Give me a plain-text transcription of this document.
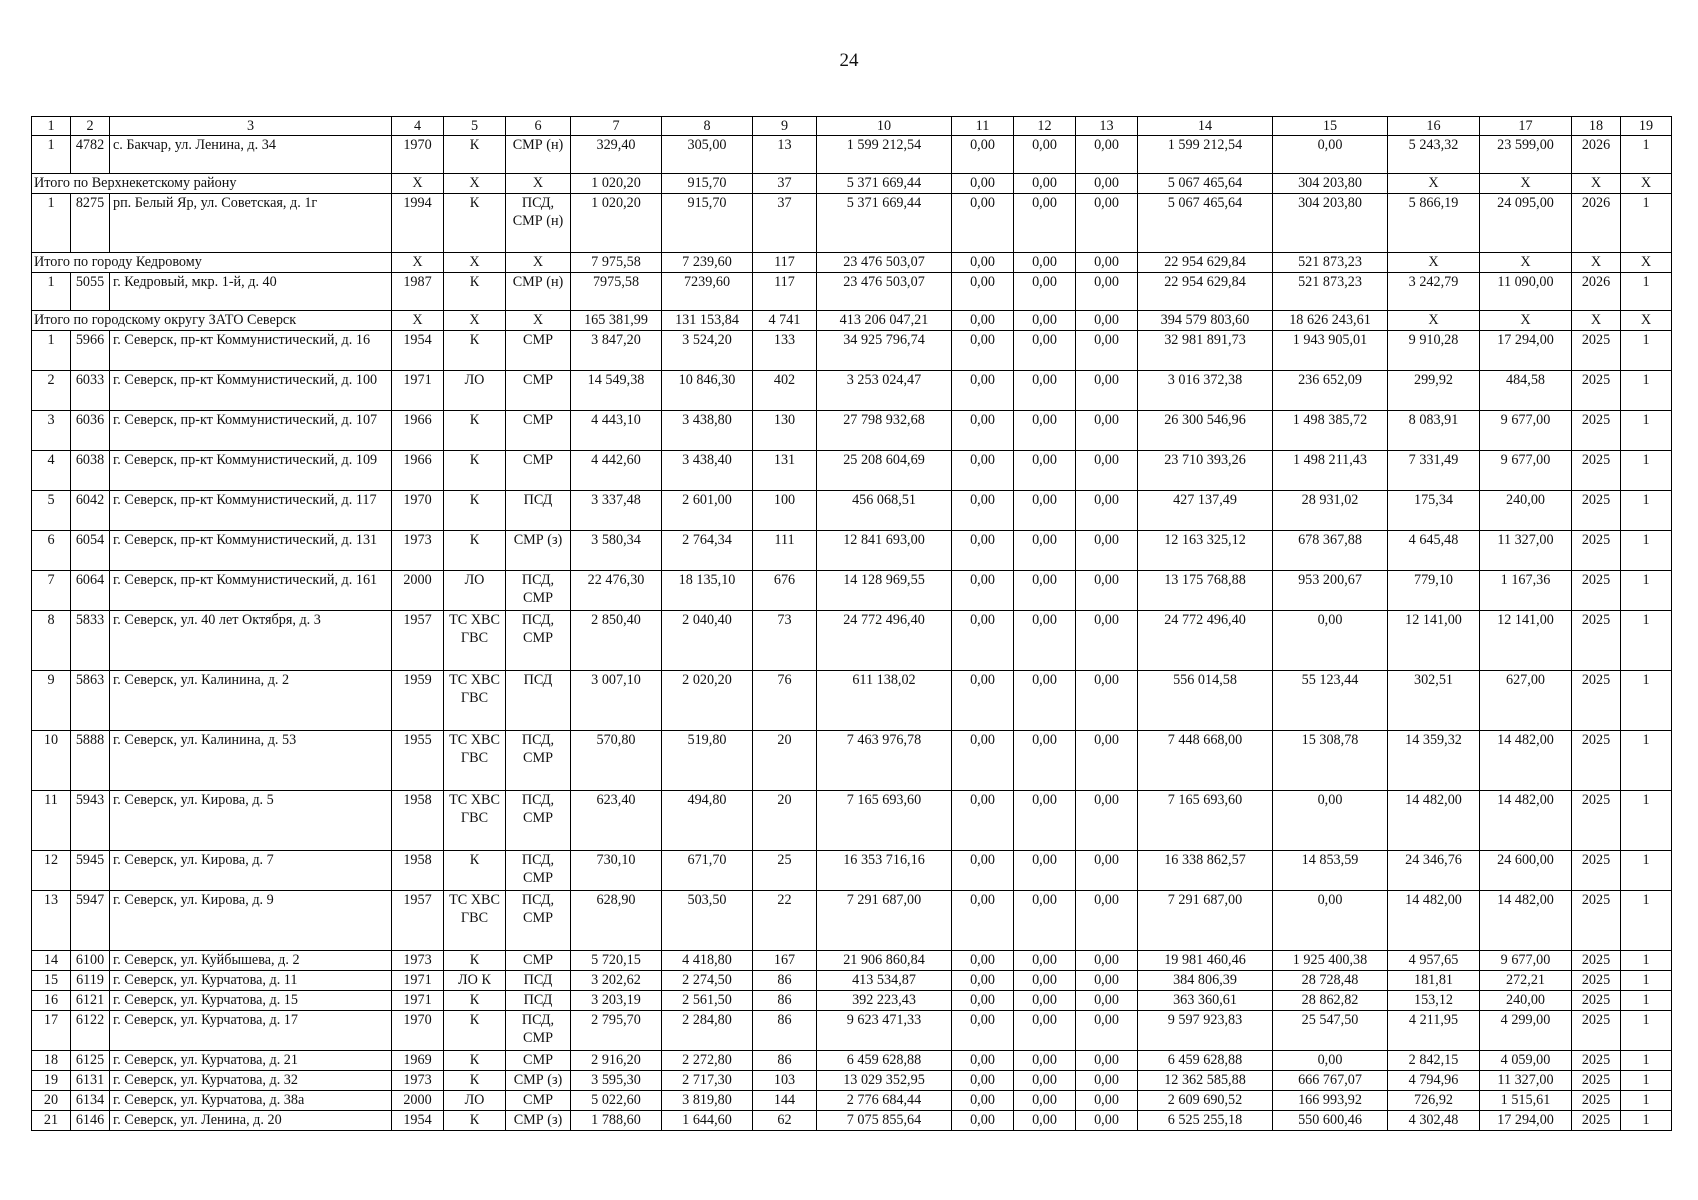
24
1	2	3	4	5	6	7	8	9	10	11	12	13	14	15	16	17	18	19
1	4782	с. Бакчар, ул. Ленина, д. 34	1970	К	СМР (н)	329,40	305,00	13	1 599 212,54	0,00	0,00	0,00	1 599 212,54	0,00	5 243,32	23 599,00	2026	1
Итого по Верхнекетскому району			Х	Х	Х	1 020,20	915,70	37	5 371 669,44	0,00	0,00	0,00	5 067 465,64	304 203,80	Х	Х	Х	Х
1	8275	рп. Белый Яр, ул. Советская, д. 1г	1994	К	ПСД, СМР (н)	1 020,20	915,70	37	5 371 669,44	0,00	0,00	0,00	5 067 465,64	304 203,80	5 866,19	24 095,00	2026	1
Итого по городу Кедровому			Х	Х	Х	7 975,58	7 239,60	117	23 476 503,07	0,00	0,00	0,00	22 954 629,84	521 873,23	Х	Х	Х	Х
1	5055	г. Кедровый, мкр. 1-й, д. 40	1987	К	СМР (н)	7975,58	7239,60	117	23 476 503,07	0,00	0,00	0,00	22 954 629,84	521 873,23	3 242,79	11 090,00	2026	1
Итого по городскому округу ЗАТО Северск			Х	Х	Х	165 381,99	131 153,84	4 741	413 206 047,21	0,00	0,00	0,00	394 579 803,60	18 626 243,61	Х	Х	Х	Х
1	5966	г. Северск, пр-кт Коммунистический, д. 16	1954	К	СМР	3 847,20	3 524,20	133	34 925 796,74	0,00	0,00	0,00	32 981 891,73	1 943 905,01	9 910,28	17 294,00	2025	1
2	6033	г. Северск, пр-кт Коммунистический, д. 100	1971	ЛО	СМР	14 549,38	10 846,30	402	3 253 024,47	0,00	0,00	0,00	3 016 372,38	236 652,09	299,92	484,58	2025	1
3	6036	г. Северск, пр-кт Коммунистический, д. 107	1966	К	СМР	4 443,10	3 438,80	130	27 798 932,68	0,00	0,00	0,00	26 300 546,96	1 498 385,72	8 083,91	9 677,00	2025	1
4	6038	г. Северск, пр-кт Коммунистический, д. 109	1966	К	СМР	4 442,60	3 438,40	131	25 208 604,69	0,00	0,00	0,00	23 710 393,26	1 498 211,43	7 331,49	9 677,00	2025	1
5	6042	г. Северск, пр-кт Коммунистический, д. 117	1970	К	ПСД	3 337,48	2 601,00	100	456 068,51	0,00	0,00	0,00	427 137,49	28 931,02	175,34	240,00	2025	1
6	6054	г. Северск, пр-кт Коммунистический, д. 131	1973	К	СМР (з)	3 580,34	2 764,34	111	12 841 693,00	0,00	0,00	0,00	12 163 325,12	678 367,88	4 645,48	11 327,00	2025	1
7	6064	г. Северск, пр-кт Коммунистический, д. 161	2000	ЛО	ПСД, СМР	22 476,30	18 135,10	676	14 128 969,55	0,00	0,00	0,00	13 175 768,88	953 200,67	779,10	1 167,36	2025	1
8	5833	г. Северск, ул. 40 лет Октября, д. 3	1957	ТС ХВС ГВС	ПСД, СМР	2 850,40	2 040,40	73	24 772 496,40	0,00	0,00	0,00	24 772 496,40	0,00	12 141,00	12 141,00	2025	1
9	5863	г. Северск, ул. Калинина, д. 2	1959	ТС ХВС ГВС	ПСД	3 007,10	2 020,20	76	611 138,02	0,00	0,00	0,00	556 014,58	55 123,44	302,51	627,00	2025	1
10	5888	г. Северск, ул. Калинина, д. 53	1955	ТС ХВС ГВС	ПСД, СМР	570,80	519,80	20	7 463 976,78	0,00	0,00	0,00	7 448 668,00	15 308,78	14 359,32	14 482,00	2025	1
11	5943	г. Северск, ул. Кирова, д. 5	1958	ТС ХВС ГВС	ПСД, СМР	623,40	494,80	20	7 165 693,60	0,00	0,00	0,00	7 165 693,60	0,00	14 482,00	14 482,00	2025	1
12	5945	г. Северск, ул. Кирова, д. 7	1958	К	ПСД, СМР	730,10	671,70	25	16 353 716,16	0,00	0,00	0,00	16 338 862,57	14 853,59	24 346,76	24 600,00	2025	1
13	5947	г. Северск, ул. Кирова, д. 9	1957	ТС ХВС ГВС	ПСД, СМР	628,90	503,50	22	7 291 687,00	0,00	0,00	0,00	7 291 687,00	0,00	14 482,00	14 482,00	2025	1
14	6100	г. Северск, ул. Куйбышева, д. 2	1973	К	СМР	5 720,15	4 418,80	167	21 906 860,84	0,00	0,00	0,00	19 981 460,46	1 925 400,38	4 957,65	9 677,00	2025	1
15	6119	г. Северск, ул. Курчатова, д. 11	1971	ЛО К	ПСД	3 202,62	2 274,50	86	413 534,87	0,00	0,00	0,00	384 806,39	28 728,48	181,81	272,21	2025	1
16	6121	г. Северск, ул. Курчатова, д. 15	1971	К	ПСД	3 203,19	2 561,50	86	392 223,43	0,00	0,00	0,00	363 360,61	28 862,82	153,12	240,00	2025	1
17	6122	г. Северск, ул. Курчатова, д. 17	1970	К	ПСД, СМР	2 795,70	2 284,80	86	9 623 471,33	0,00	0,00	0,00	9 597 923,83	25 547,50	4 211,95	4 299,00	2025	1
18	6125	г. Северск, ул. Курчатова, д. 21	1969	К	СМР	2 916,20	2 272,80	86	6 459 628,88	0,00	0,00	0,00	6 459 628,88	0,00	2 842,15	4 059,00	2025	1
19	6131	г. Северск, ул. Курчатова, д. 32	1973	К	СМР (з)	3 595,30	2 717,30	103	13 029 352,95	0,00	0,00	0,00	12 362 585,88	666 767,07	4 794,96	11 327,00	2025	1
20	6134	г. Северск, ул. Курчатова, д. 38а	2000	ЛО	СМР	5 022,60	3 819,80	144	2 776 684,44	0,00	0,00	0,00	2 609 690,52	166 993,92	726,92	1 515,61	2025	1
21	6146	г. Северск, ул. Ленина, д. 20	1954	К	СМР (з)	1 788,60	1 644,60	62	7 075 855,64	0,00	0,00	0,00	6 525 255,18	550 600,46	4 302,48	17 294,00	2025	1
